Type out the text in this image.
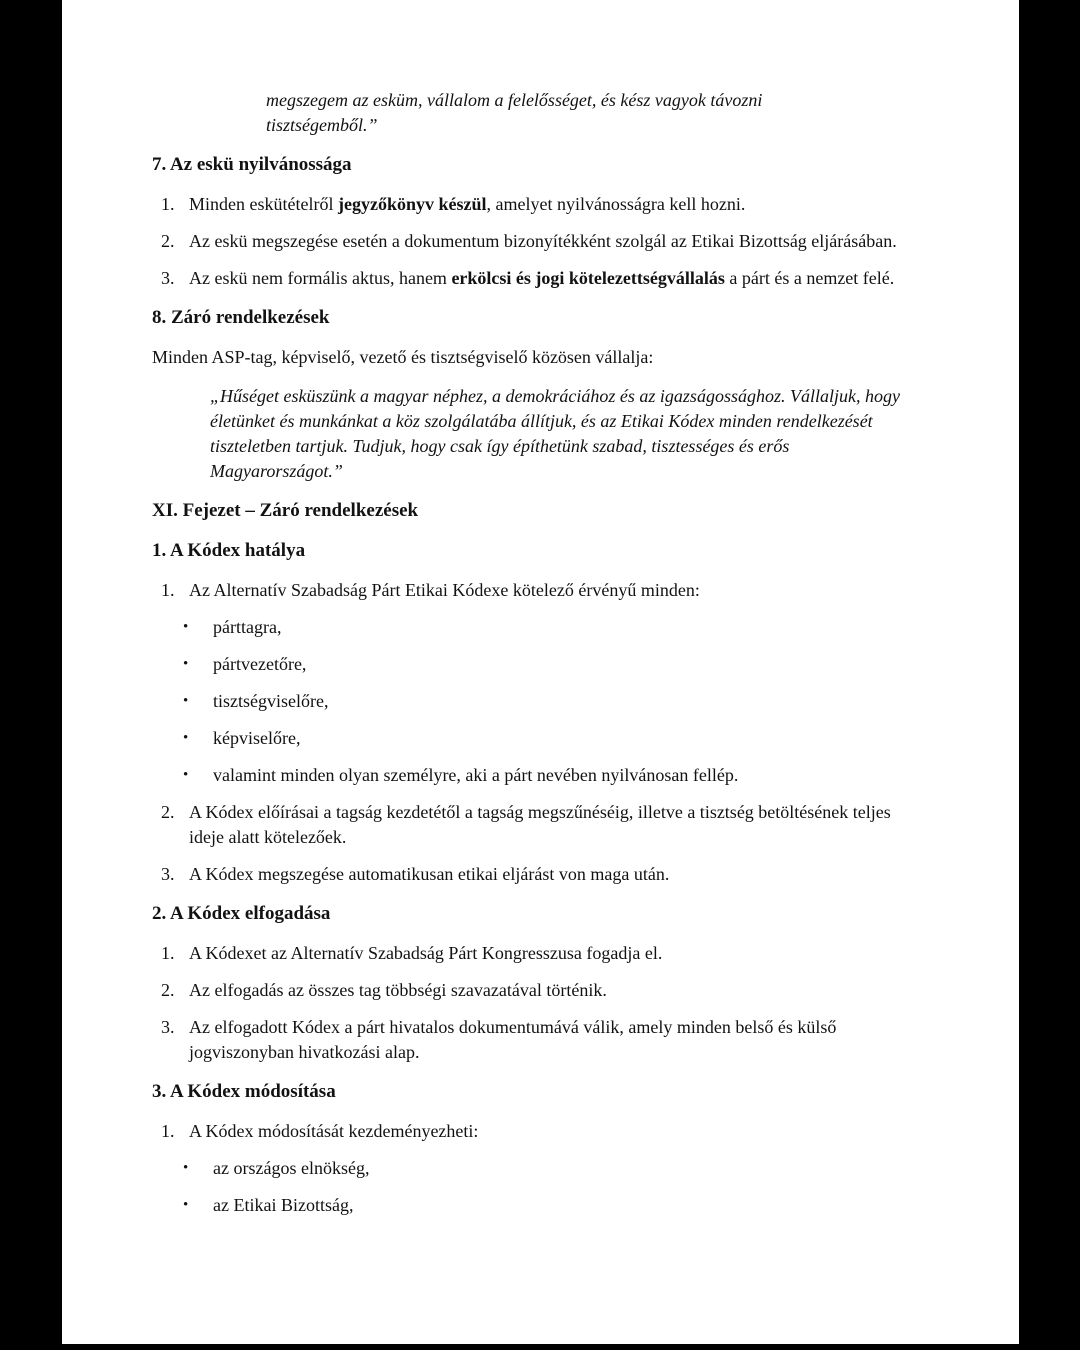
megszegem az esküm, vállalom a felelősséget, és kész vagyok távozni tisztségemből.”
7. Az eskü nyilvánossága
1. Minden eskütételről jegyzőkönyv készül, amelyet nyilvánosságra kell hozni.
2. Az eskü megszegése esetén a dokumentum bizonyítékként szolgál az Etikai Bizottság eljárásában.
3. Az eskü nem formális aktus, hanem erkölcsi és jogi kötelezettségvállalás a párt és a nemzet felé.
8. Záró rendelkezések
Minden ASP-tag, képviselő, vezető és tisztségviselő közösen vállalja:
„Hűséget esküszünk a magyar néphez, a demokráciához és az igazságossághoz. Vállaljuk, hogy életünket és munkánkat a köz szolgálatába állítjuk, és az Etikai Kódex minden rendelkezését tiszteletben tartjuk. Tudjuk, hogy csak így építhetünk szabad, tisztességes és erős Magyarországot.”
XI. Fejezet – Záró rendelkezések
1. A Kódex hatálya
1. Az Alternatív Szabadság Párt Etikai Kódexe kötelező érvényű minden:
•	párttagra,
•	pártvezetőre,
•	tisztségviselőre,
•	képviselőre,
•	valamint minden olyan személyre, aki a párt nevében nyilvánosan fellép.
2. A Kódex előírásai a tagság kezdetétől a tagság megszűnéséig, illetve a tisztség betöltésének teljes ideje alatt kötelezőek.
3. A Kódex megszegése automatikusan etikai eljárást von maga után.
2. A Kódex elfogadása
1. A Kódexet az Alternatív Szabadság Párt Kongresszusa fogadja el.
2. Az elfogadás az összes tag többségi szavazatával történik.
3. Az elfogadott Kódex a párt hivatalos dokumentumává válik, amely minden belső és külső jogviszonyban hivatkozási alap.
3. A Kódex módosítása
1. A Kódex módosítását kezdeményezheti:
•	az országos elnökség,
•	az Etikai Bizottság,
